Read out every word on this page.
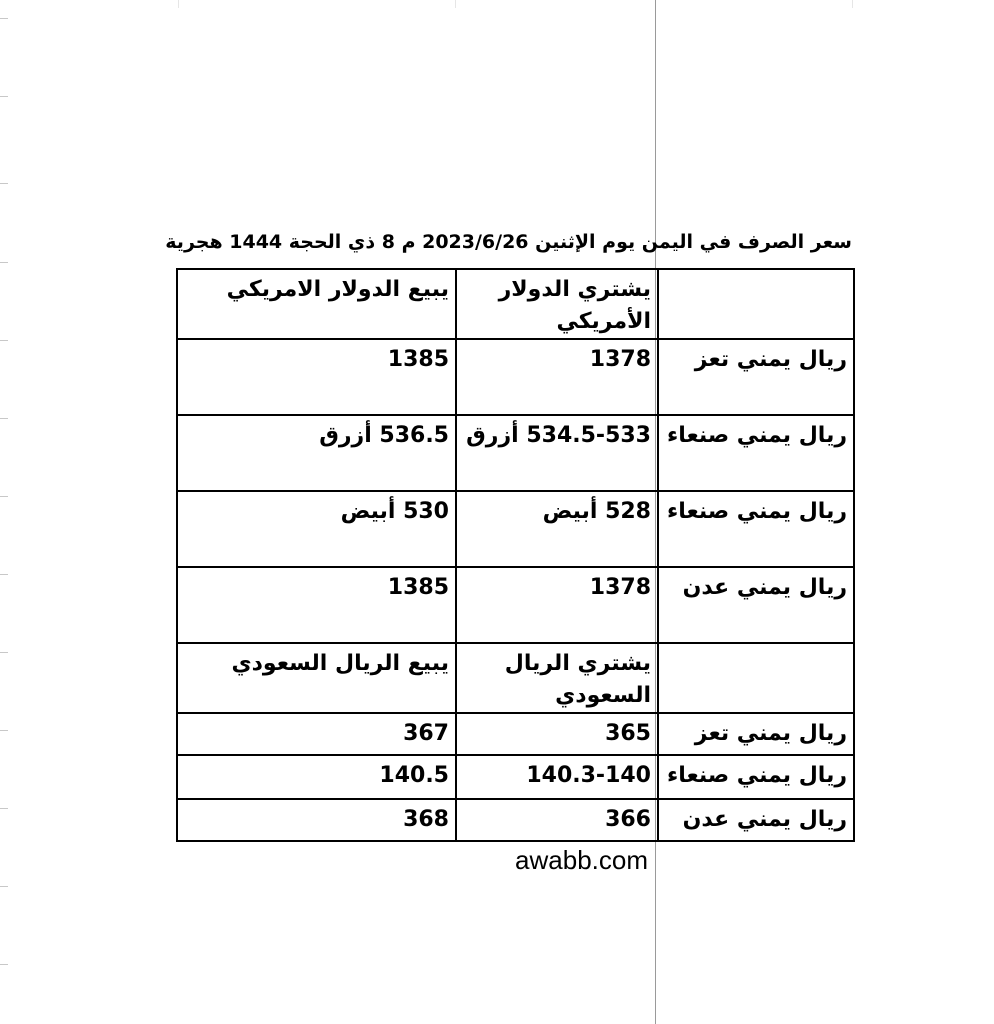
سعر الصرف في اليمن يوم الإثنين 2023/6/26 م 8 ذي الحجة 1444 هجرية
	يشتري الدولار الأمريكي	يبيع الدولار الامريكي
ريال يمني تعز	1378	1385
ريال يمني صنعاء	534.5-533 أزرق	536.5 أزرق
ريال يمني صنعاء	528 أبيض	530 أبيض
ريال يمني عدن	1378	1385
	يشتري الريال السعودي	يبيع الريال السعودي
ريال يمني تعز	365	367
ريال يمني صنعاء	140.3-140	140.5
ريال يمني عدن	366	368
awabb.com
